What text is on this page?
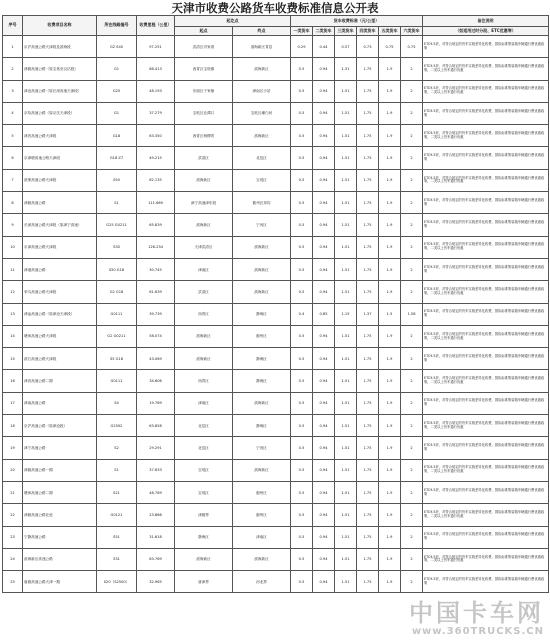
天津市收费公路货车收费标准信息公开表
序号	收费项目名称	所在线路编号	收费里程（公里）	起讫点		货车收费标准（元/公里）						备注说明
				起点	终点	一类货车	二类货车	三类货车	四类货车	五类货车	六类货车	（如适用过时分段、ETC优惠等）
1	京沪高速公路天津段及滨海段	G2 S40	97.251	武清区冯家湾	滨海新区青县	0.29	0.44	0.57	0.73	0.75	0.75	ETC9.5折，对符合规定的货车实施差异化收费，国际标准集装箱车辆通行费优惠政策
2	津蓟高速公路（原宝坻至汉沽段）	G1	68.413	西青区宝坻镇	滨海新区	0.5	0.94	1.31	1.75	1.9	2	ETC9.5折，对符合规定的货车实施差异化收费，国际标准集装箱车辆通行费优惠政策，二类以上货车通行优惠
3	津沧高速公路（原长深高速天津段）	G25	48.193	东丽区于家铺	津南区小站	0.5	0.94	1.51	1.75	1.9	2	ETC9.5折，对符合规定的货车实施差异化收费，国际标准集装箱车辆通行费优惠政策，二类以上货车通行优惠
4	京哈高速公路（原京沈天津段）	G1	37.279	宝坻区北潭口	宝坻区潮白河	0.5	0.94	1.51	1.75	1.9	2	ETC9.5折，对符合规定的货车实施差异化收费，国际标准集装箱车辆通行费优惠政策
5	津晋高速公路天津段	G18	63.350	西青区杨柳青	滨海新区	0.5	0.94	1.51	1.75	1.9	2	ETC9.5折，对符合规定的货车实施差异化收费，国际标准集装箱车辆通行费优惠政策，二类以上货车通行优惠
6	京津塘高速公路天津段	G18 Z7	49.215	武清区	北辰区	0.5	0.94	1.51	1.75	1.9	2	ETC9.5折，对符合规定的货车实施差异化收费，国际标准集装箱车辆通行费优惠政策
7	滨保高速公路天津段	S50	62.135	滨海新区	宝坻区	0.5	0.94	1.51	1.75	1.9	2	ETC9.5折，对符合规定的货车实施差异化收费，国际标准集装箱车辆通行费优惠政策，二类以上货车通行优惠
8	津蓟高速公路	S1	111.669	津宁高速津东段	蓟州区邦均	0.5	0.94	1.51	1.75	1.9	2	ETC9.5折，对符合规定的货车实施差异化收费，国际标准集装箱车辆通行费优惠政策
9	长深高速公路天津段（原津宁高速）	G25 G0211	65.839	滨海新区	宁河区	0.5	0.94	1.51	1.75	1.9	2	ETC9.5折，对符合规定的货车实施差异化收费，国际标准集装箱车辆通行费优惠政策
10	京津高速公路天津段	S30	126.234	天津武清区	滨海新区	0.5	0.94	1.51	1.75	1.9	2	ETC9.5折，对符合规定的货车实施差异化收费，国际标准集装箱车辆通行费优惠政策，二类以上货车通行优惠
11	津港高速公路	S50 G18	30.745	津南区	滨海新区	0.5	0.94	1.51	1.75	1.9	2	ETC9.5折，对符合规定的货车实施差异化收费，国际标准集装箱车辆通行费优惠政策
12	荣乌高速公路天津段	G2 G18	61.639	武清区	滨海新区	0.5	0.94	1.51	1.75	1.9	2	ETC9.5折，对符合规定的货车实施差异化收费，国际标准集装箱车辆通行费优惠政策，二类以上货车通行优惠
13	津汕高速公路（原津沧天津段）	G0111	39.739	西青区	静海区	0.4	0.85	1.15	1.37	1.5	1.58	ETC9.5折，对符合规定的货车实施差异化收费，国际标准集装箱车辆通行费优惠政策
14	塘承高速公路天津段	G2 G0211	58.074	滨海新区	蓟州区	0.5	0.94	1.51	1.75	1.9	2	ETC9.5折，对符合规定的货车实施差异化收费，国际标准集装箱车辆通行费优惠政策，二类以上货车通行优惠
15	滨石高速公路天津段	S5 G18	43.069	滨海新区	静海区	0.5	0.94	1.51	1.75	1.9	2	ETC9.5折，对符合规定的货车实施差异化收费，国际标准集装箱车辆通行费优惠政策
16	津晋高速公路二期	G0111	34.606	西青区	静海区	0.5	0.94	1.51	1.75	1.9	2	ETC9.5折，对符合规定的货车实施差异化收费，国际标准集装箱车辆通行费优惠政策，二类以上货车通行优惠
17	津南高速公路	S4	19.769	津南区	滨海新区	0.5	0.94	1.51	1.75	1.9	2	ETC9.5折，对符合规定的货车实施差异化收费，国际标准集装箱车辆通行费优惠政策
18	京沪高速公路（原津沧段）	G2502	63.858	北辰区	静海区	0.5	0.94	1.51	1.75	1.9	2	ETC9.5折，对符合规定的货车实施差异化收费，国际标准集装箱车辆通行费优惠政策，二类以上货车通行优惠
19	津宁高速公路	S2	29.291	北辰区	宁河区	0.5	0.94	1.51	1.75	1.9	2	ETC9.5折，对符合规定的货车实施差异化收费，国际标准集装箱车辆通行费优惠政策
20	津蓟高速公路一期	S1	37.633	宝坻区	滨海新区	0.5	0.94	1.51	1.75	1.9	2	ETC9.5折，对符合规定的货车实施差异化收费，国际标准集装箱车辆通行费优惠政策，二类以上货车通行优惠
21	塘承高速公路二期	S21	48.789	宝坻区	蓟州区	0.5	0.94	1.51	1.75	1.9	2	ETC9.5折，对符合规定的货车实施差异化收费，国际标准集装箱车辆通行费优惠政策
22	津蓟高速公路北延	G0121	23.866	津蓟界	蓟州区	0.5	0.94	1.51	1.75	1.9	2	ETC9.5折，对符合规定的货车实施差异化收费，国际标准集装箱车辆通行费优惠政策，二类以上货车通行优惠
23	宁静高速公路	S51	31.618	静海区	津南区	0.5	0.94	1.51	1.75	1.9	2	ETC9.5折，对符合规定的货车实施差异化收费，国际标准集装箱车辆通行费优惠政策
24	滨海新区高速公路	S31	63.769	滨海新区	滨海新区	0.5	0.94	1.51	1.75	1.9	2	ETC9.5折，对符合规定的货车实施差异化收费，国际标准集装箱车辆通行费优惠政策，二类以上货车通行优惠
25	唐廊高速公路天津一期	S20（S2500）	32.965	唐津界	河北界	0.5	0.94	1.51	1.75	1.9	2	ETC9.5折，对符合规定的货车实施差异化收费，国际标准集装箱车辆通行费优惠政策
中国卡车网
www.360TRUCKS.CN
